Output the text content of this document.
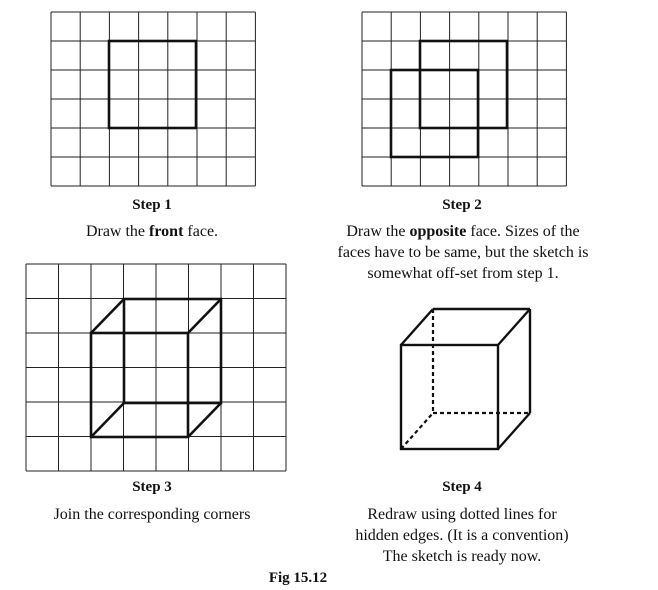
Step 1
Draw the front face.
Step 2
Draw the opposite face. Sizes of the faces have to be same, but the sketch is somewhat off-set from step 1.
Step 3
Join the corresponding corners
Step 4
Redraw using dotted lines for
hidden edges. (It is a convention)
The sketch is ready now.
Fig 15.12
